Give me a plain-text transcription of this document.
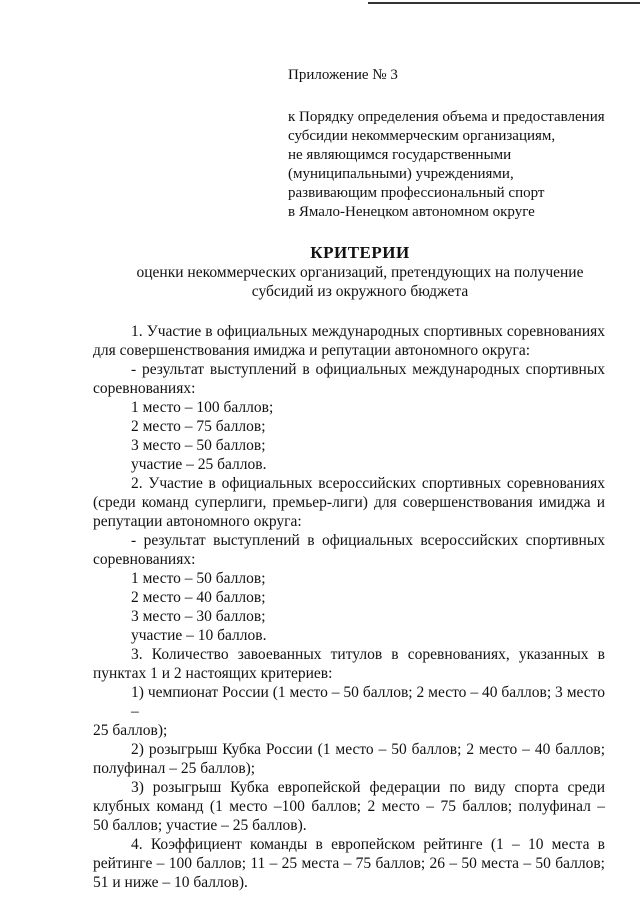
Приложение № 3
к Порядку определения объема и предоставления
субсидии некоммерческим организациям,
не являющимся государственными
(муниципальными) учреждениями,
развивающим профессиональный спорт
в Ямало-Ненецком автономном округе
КРИТЕРИИ
оценки некоммерческих организаций, претендующих на получение
субсидий из окружного бюджета
1. Участие в официальных международных спортивных соревнованиях
для совершенствования имиджа и репутации автономного округа:
- результат выступлений в официальных международных спортивных
соревнованиях:
1 место – 100 баллов;
2 место – 75 баллов;
3 место – 50 баллов;
участие – 25 баллов.
2. Участие в официальных всероссийских спортивных соревнованиях
(среди команд суперлиги, премьер-лиги) для совершенствования имиджа и
репутации автономного округа:
- результат выступлений в официальных всероссийских спортивных
соревнованиях:
1 место – 50 баллов;
2 место – 40 баллов;
3 место – 30 баллов;
участие – 10 баллов.
3. Количество завоеванных титулов в соревнованиях, указанных в
пунктах 1 и 2 настоящих критериев:
1) чемпионат России (1 место – 50 баллов; 2 место – 40 баллов; 3 место –
25 баллов);
2) розыгрыш Кубка России (1 место – 50 баллов; 2 место – 40 баллов;
полуфинал – 25 баллов);
3) розыгрыш Кубка европейской федерации по виду спорта среди
клубных команд (1 место –100 баллов; 2 место – 75 баллов; полуфинал –
50 баллов; участие – 25 баллов).
4. Коэффициент команды в европейском рейтинге (1 – 10 места в
рейтинге – 100 баллов; 11 – 25 места – 75 баллов; 26 – 50 места – 50 баллов;
51 и ниже – 10 баллов).
